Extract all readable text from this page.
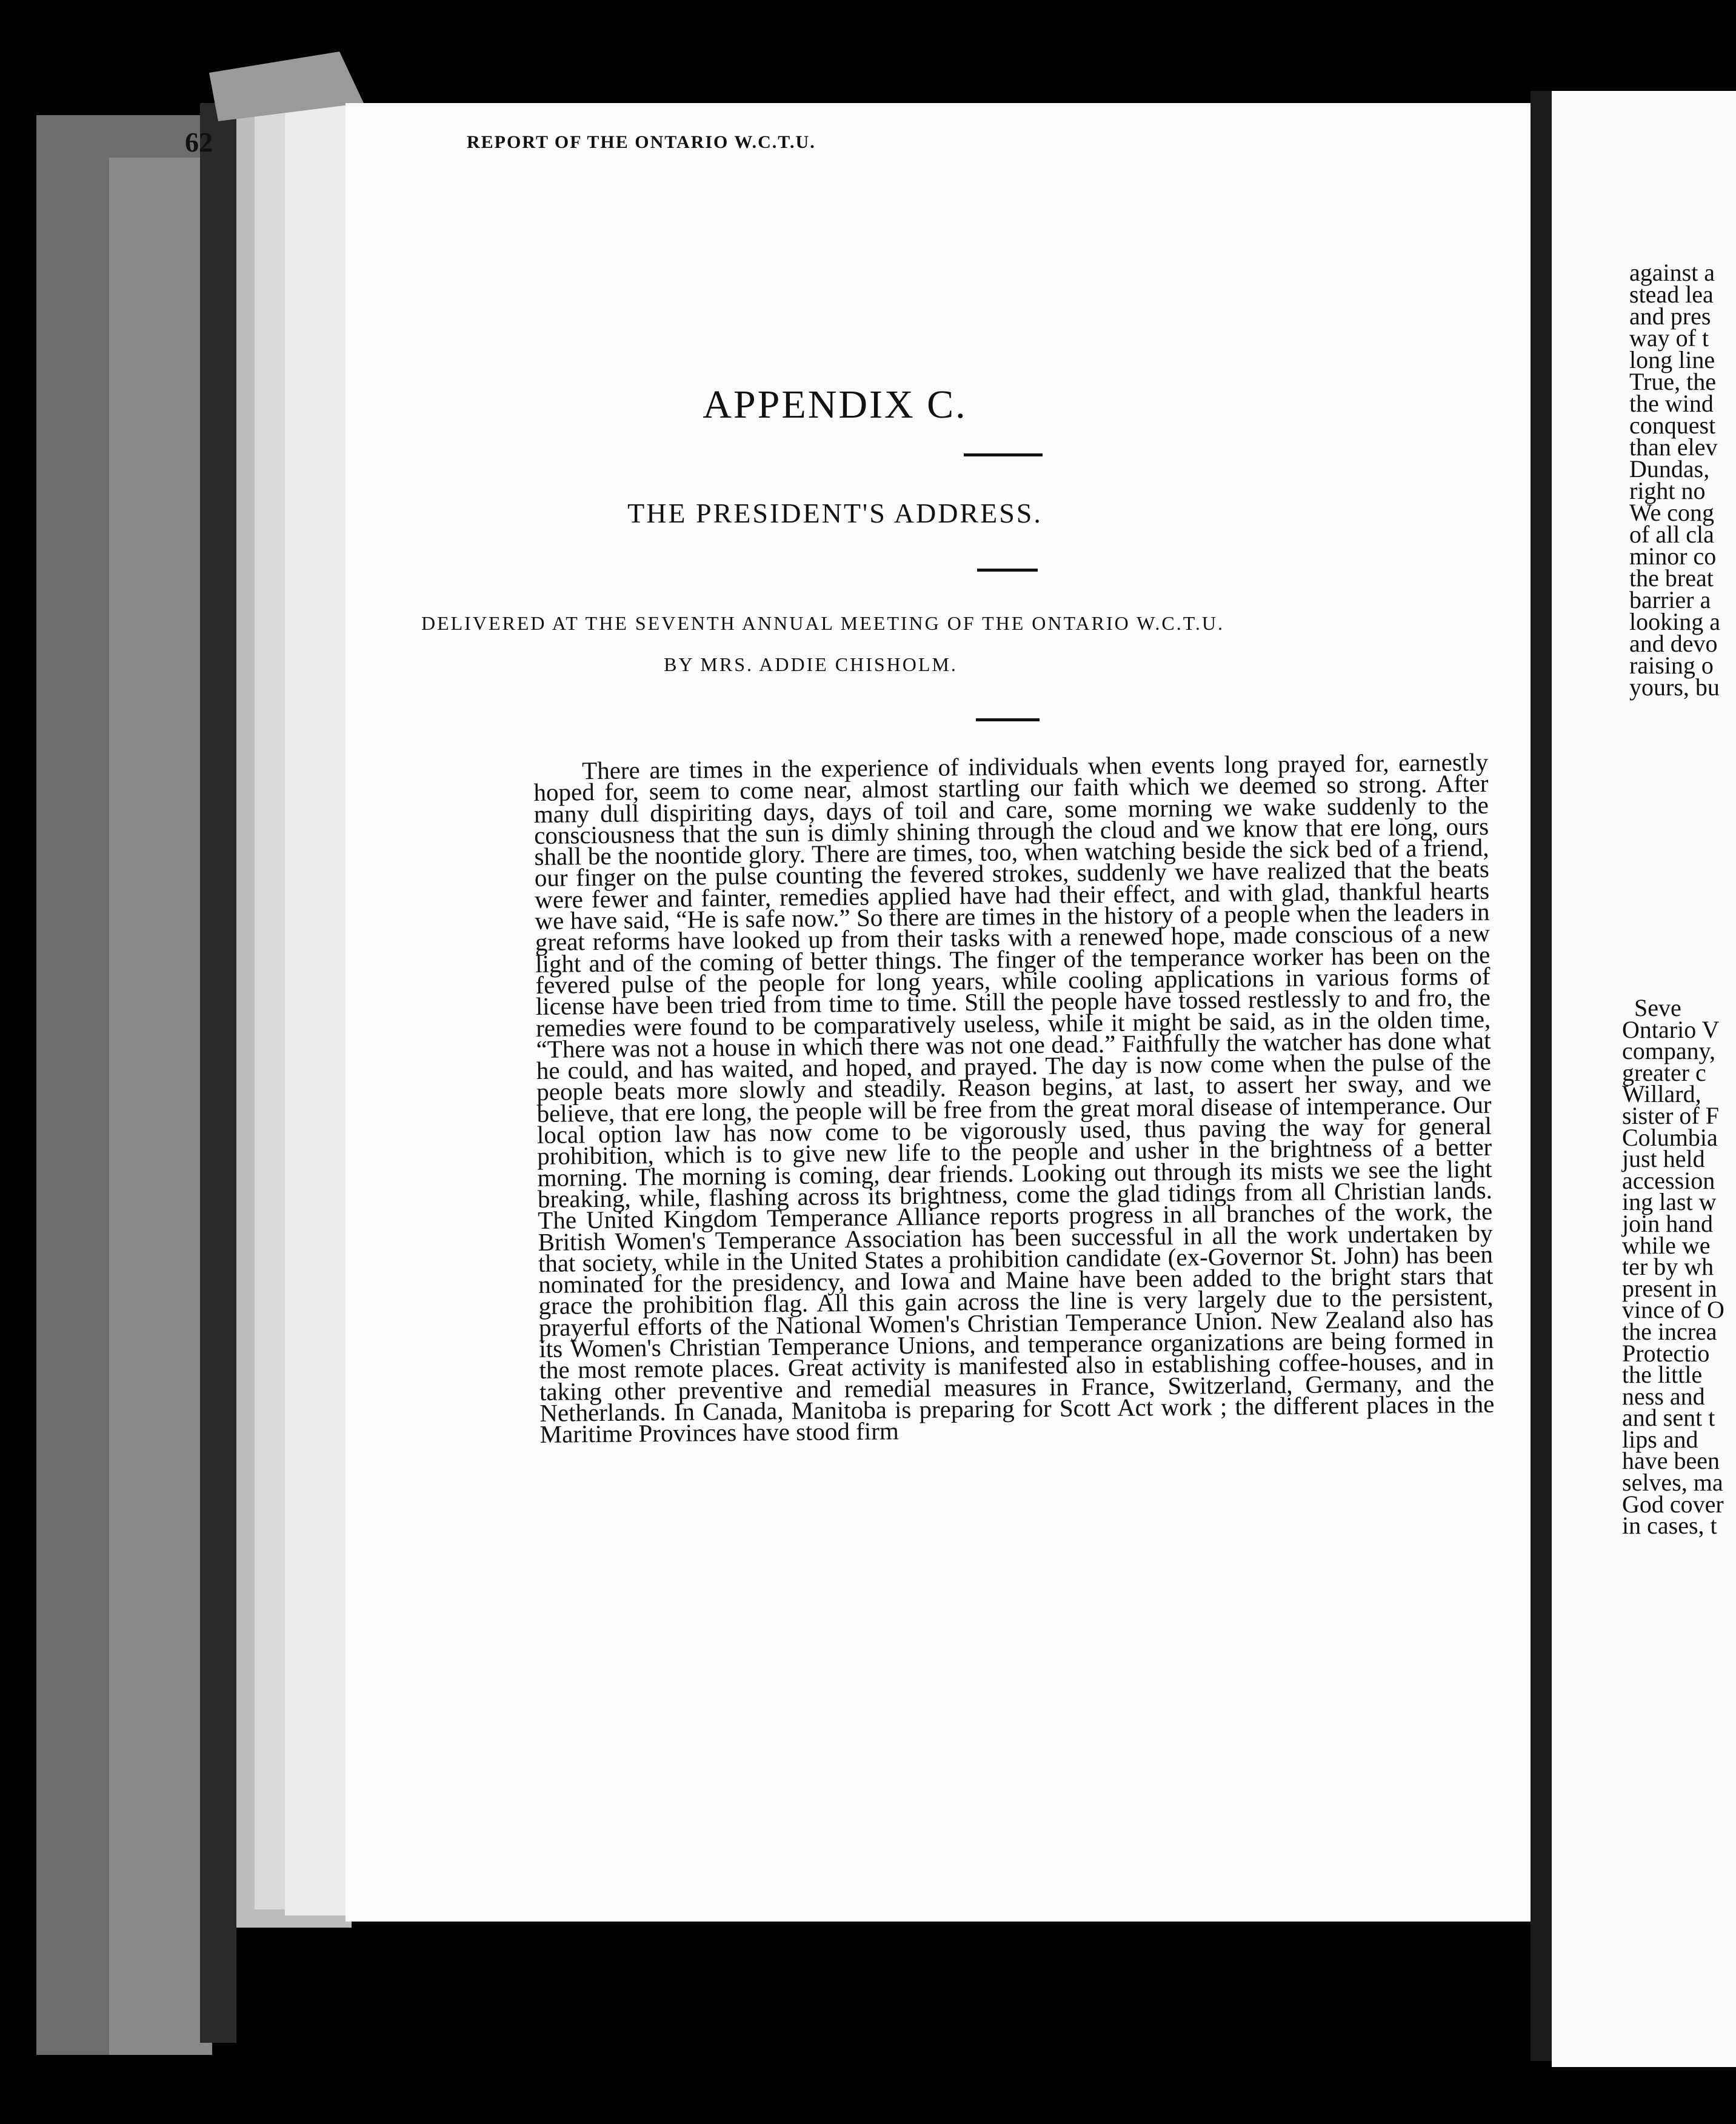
62	REPORT OF THE ONTARIO W.C.T.U.
APPENDIX C.
THE PRESIDENT'S ADDRESS.
DELIVERED AT THE SEVENTH ANNUAL MEETING OF THE ONTARIO W.C.T.U.
BY MRS. ADDIE CHISHOLM.
There are times in the experience of individuals when events long prayed for, earnestly hoped for, seem to come near, almost startling our faith which we deemed so strong. After many dull dispiriting days, days of toil and care, some morning we wake suddenly to the consciousness that the sun is dimly shining through the cloud and we know that ere long, ours shall be the noontide glory. There are times, too, when watching beside the sick bed of a friend, our finger on the pulse counting the fevered strokes, suddenly we have realized that the beats were fewer and fainter, remedies applied have had their effect, and with glad, thankful hearts we have said, “He is safe now.” So there are times in the history of a people when the leaders in great reforms have looked up from their tasks with a renewed hope, made conscious of a new light and of the coming of better things. The finger of the temperance worker has been on the fevered pulse of the people for long years, while cooling applications in various forms of license have been tried from time to time. Still the people have tossed restlessly to and fro, the remedies were found to be comparatively useless, while it might be said, as in the olden time, “There was not a house in which there was not one dead.” Faithfully the watcher has done what he could, and has waited, and hoped, and prayed. The day is now come when the pulse of the people beats more slowly and steadily. Reason begins, at last, to assert her sway, and we believe, that ere long, the people will be free from the great moral disease of intemperance. Our local option law has now come to be vigorously used, thus paving the way for general prohibition, which is to give new life to the people and usher in the brightness of a better morning. The morning is coming, dear friends. Looking out through its mists we see the light breaking, while, flashing across its brightness, come the glad tidings from all Christian lands. The United Kingdom Temperance Alliance reports progress in all branches of the work, the British Women's Temperance Association has been successful in all the work undertaken by that society, while in the United States a prohibition candidate (ex-Governor St. John) has been nominated for the presidency, and Iowa and Maine have been added to the bright stars that grace the prohibition flag. All this gain across the line is very largely due to the persistent, prayerful efforts of the National Women's Christian Temperance Union. New Zealand also has its Women's Christian Temperance Unions, and temperance organizations are being formed in the most remote places. Great activity is manifested also in establishing coffee-houses, and in taking other preventive and remedial measures in France, Switzerland, Germany, and the Netherlands. In Canada, Manitoba is preparing for Scott Act work ; the different places in the Maritime Provinces have stood firm
against a
stead lea
and pres
way of t
long line
True, the
the wind
conquest
than elev
Dundas,
right no
We cong
of all cla
minor co
the breat
barrier a
looking a
and devo
raising o
yours, bu
Seve
Ontario V
company,
greater c
Willard,
sister of F
Columbia
just held
accession
ing last w
join hand
while we
ter by wh
present in
vince of O
the increa
Protectio
the little
ness and
and sent t
lips and
have been
selves, ma
God cover
in cases, t
